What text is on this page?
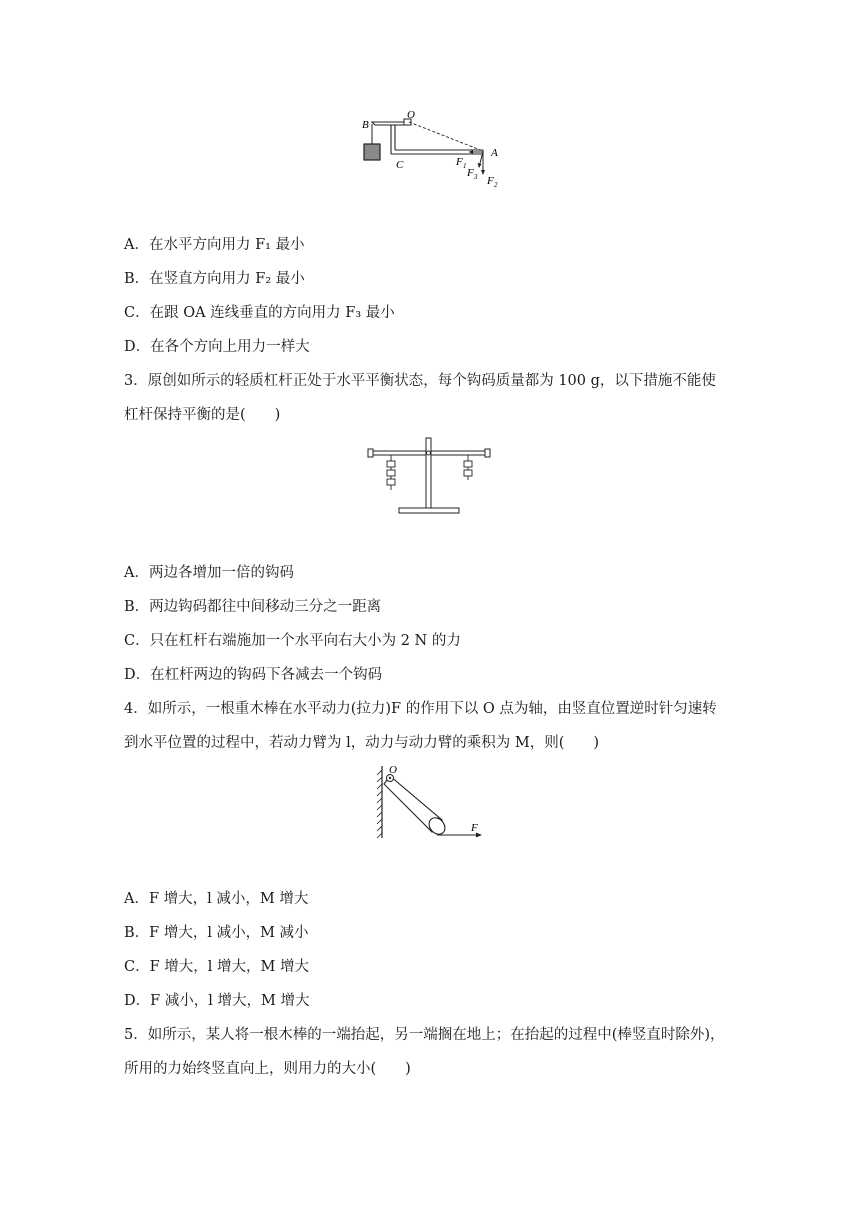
B
O
C
A
F 1
F 3 F 2
A．在水平方向用力 F₁ 最小
B．在竖直方向用力 F₂ 最小
C．在跟 OA 连线垂直的方向用力 F₃ 最小
D．在各个方向上用力一样大
3．原创如所示的轻质杠杆正处于水平平衡状态，每个钩码质量都为 100 g，以下措施不能使
杠杆保持平衡的是(　　)
A．两边各增加一倍的钩码
B．两边钩码都往中间移动三分之一距离
C．只在杠杆右端施加一个水平向右大小为 2 N 的力
D．在杠杆两边的钩码下各减去一个钩码
4．如所示，一根重木棒在水平动力(拉力)F 的作用下以 O 点为轴，由竖直位置逆时针匀速转
到水平位置的过程中，若动力臂为 l，动力与动力臂的乘积为 M，则(　　)
O
F
A．F 增大，l 减小，M 增大
B．F 增大，l 减小，M 减小
C．F 增大，l 增大，M 增大
D．F 减小，l 增大，M 增大
5．如所示，某人将一根木棒的一端抬起，另一端搁在地上；在抬起的过程中(棒竖直时除外)，
所用的力始终竖直向上，则用力的大小(　　)
